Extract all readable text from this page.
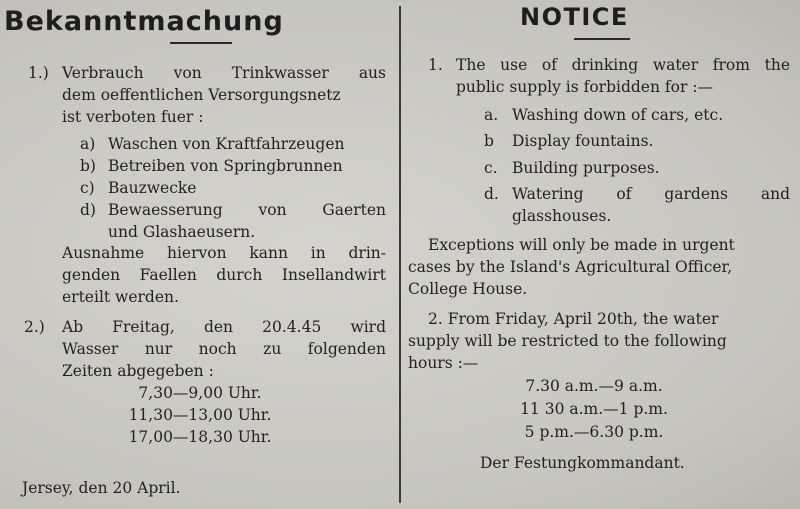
Bekanntmachung
1.) Verbrauch von Trinkwasser aus
dem oeffentlichen Versorgungsnetz
ist verboten fuer :
a) Waschen von Kraftfahrzeugen
b) Betreiben von Springbrunnen
c) Bauzwecke
d) Bewaesserung von Gaerten
und Glashaeusern.
Ausnahme hiervon kann in drin-
genden Faellen durch Insellandwirt
erteilt werden.
2.) Ab Freitag, den 20.4.45 wird
Wasser nur noch zu folgenden
Zeiten abgegeben :
7,30—9,00 Uhr.
11,30—13,00 Uhr.
17,00—18,30 Uhr.
Jersey, den 20 April.
NOTICE
1. The use of drinking water from the
public supply is forbidden for :—
a. Washing down of cars, etc.
b Display fountains.
c. Building purposes.
d. Watering of gardens and
glasshouses.
Exceptions will only be made in urgent
cases by the Island's Agricultural Officer,
College House.
2. From Friday, April 20th, the water
supply will be restricted to the following
hours :—
7.30 a.m.—9 a.m.
11 30 a.m.—1 p.m.
5 p.m.—6.30 p.m.
Der Festungkommandant.
